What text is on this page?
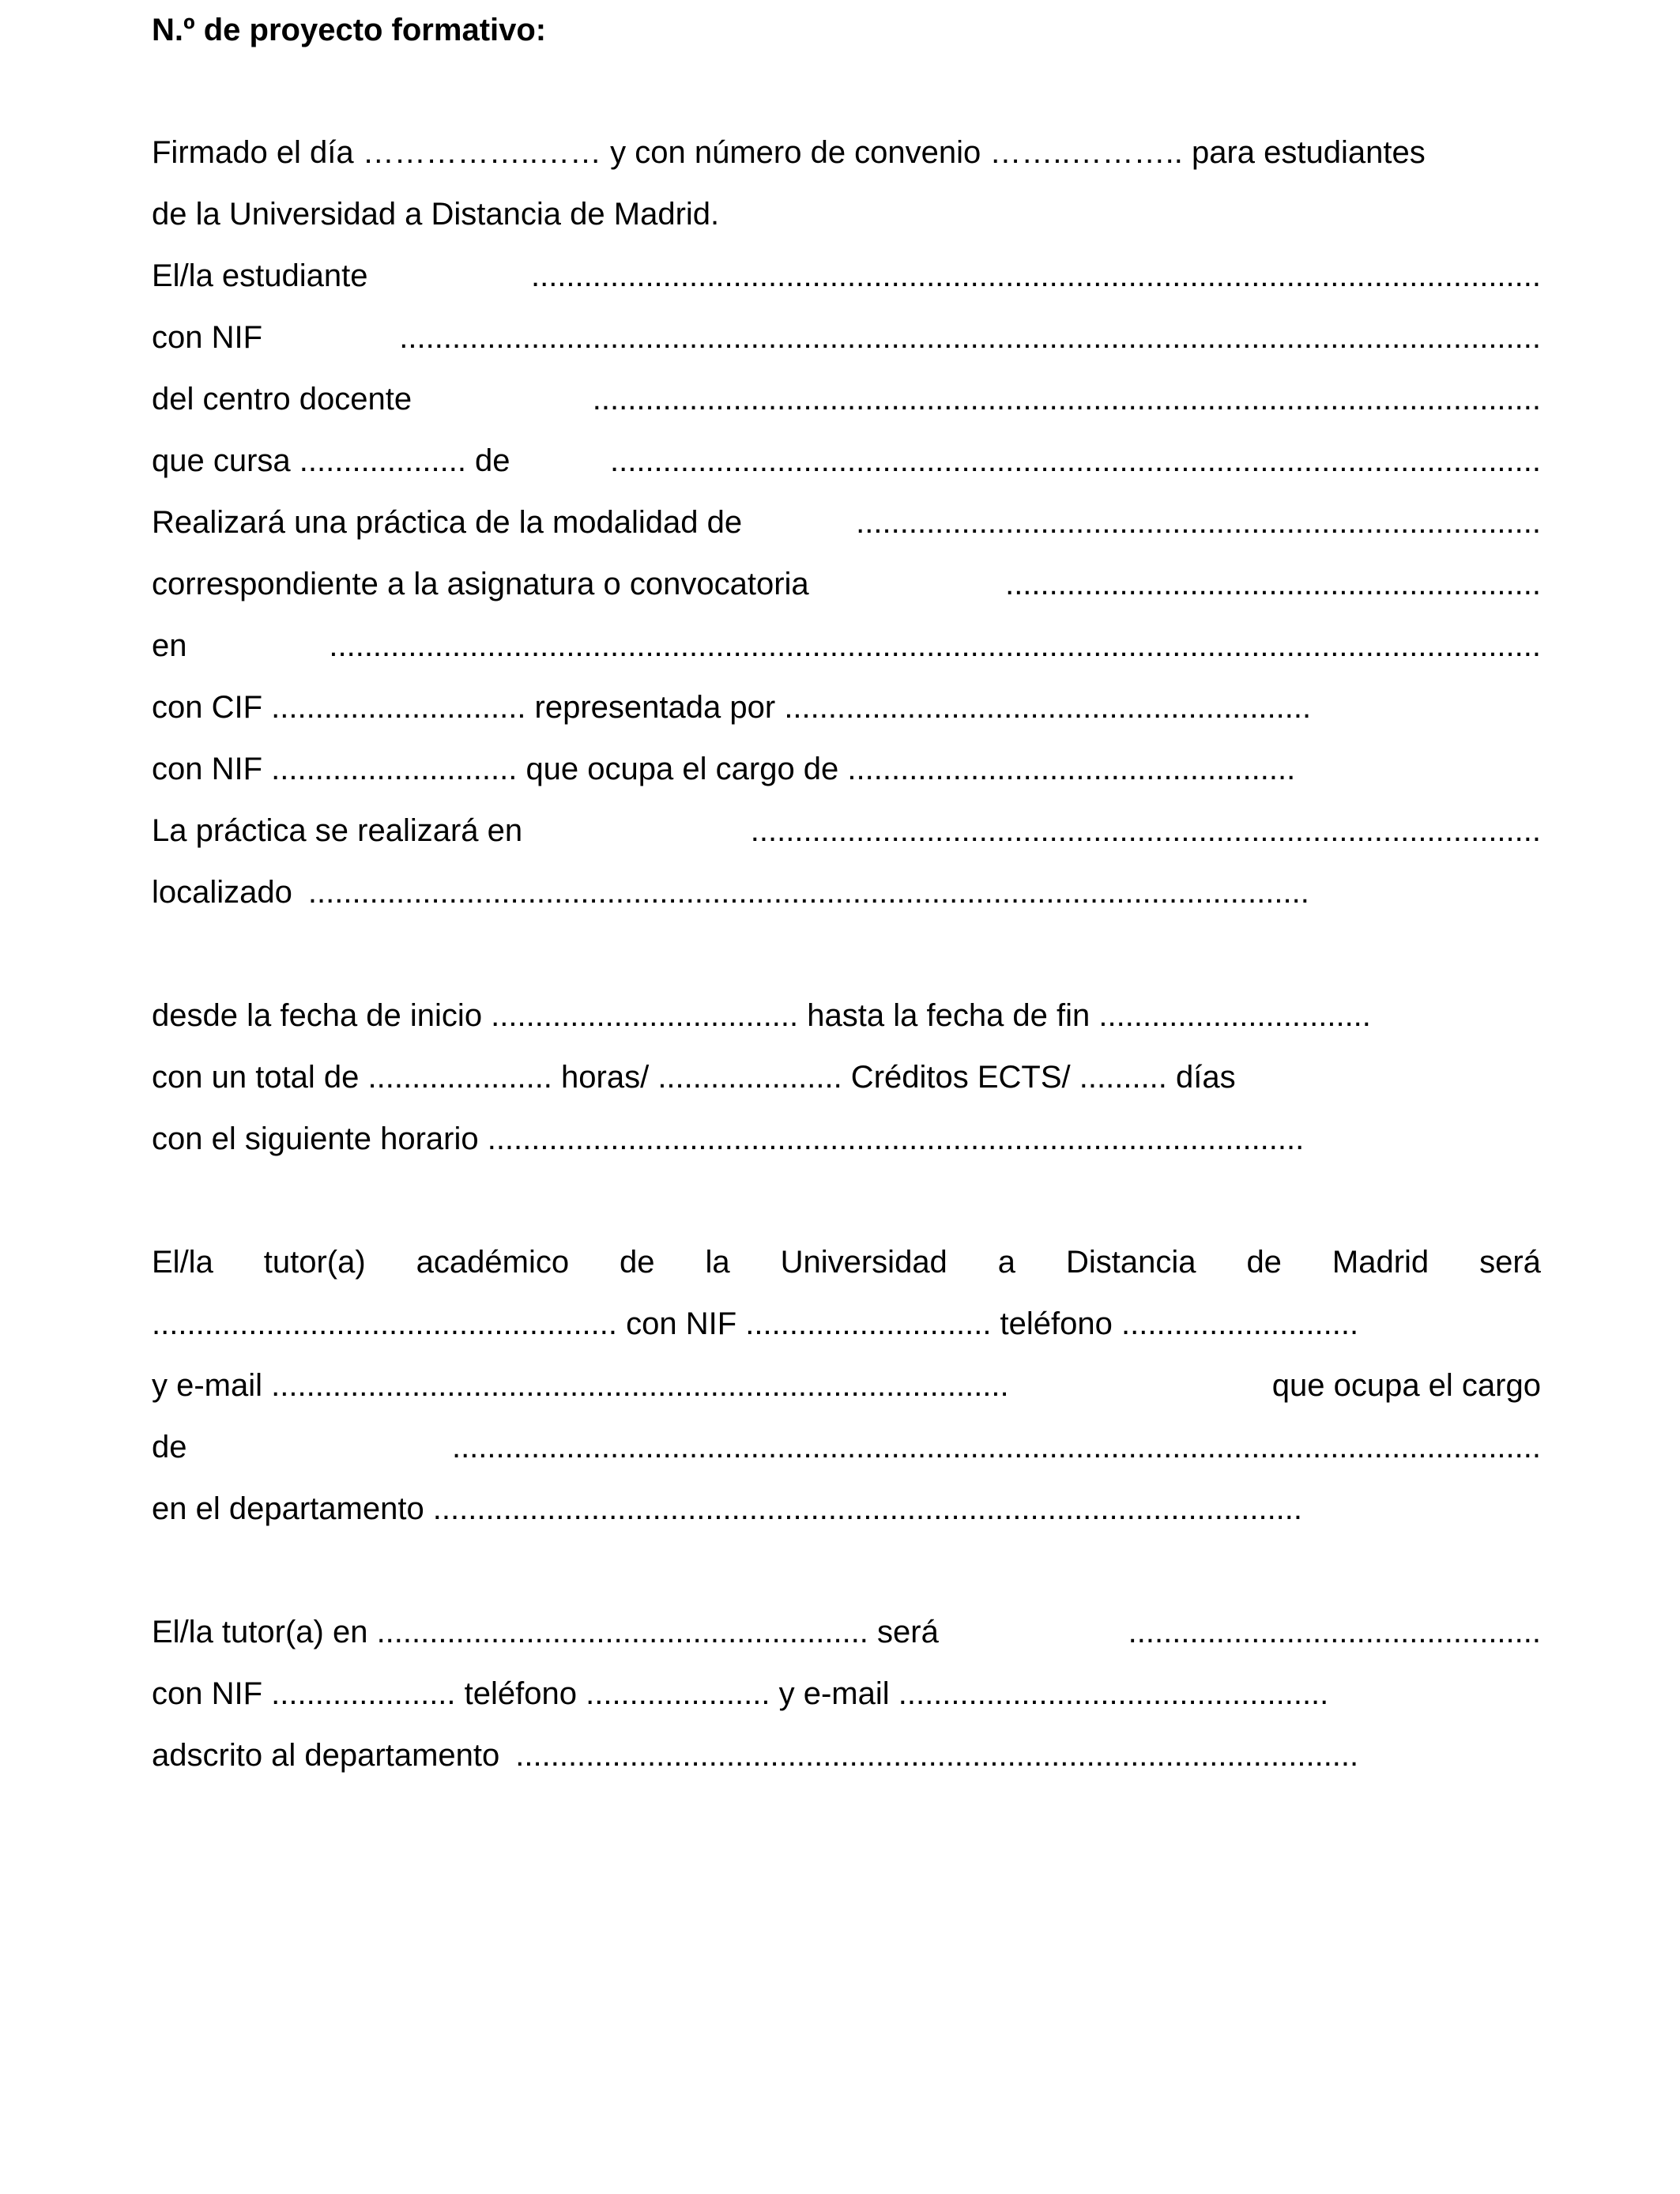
N.º de proyecto formativo:
Firmado el día ……………..…… y con número de convenio ……..……….. para estudiantes
de la Universidad a Distancia de Madrid.
El/la estudiante	...................................................................................................................
con NIF	..................................................................................................................................
del centro docente	............................................................................................................
que cursa ................... de	..........................................................................................................
Realizará una práctica de la modalidad de	..............................................................................
correspondiente a la asignatura o convocatoria	.............................................................
en	..........................................................................................................................................
con CIF ............................. representada por ............................................................
con NIF ............................ que ocupa el cargo de ...................................................
La práctica se realizará en	..........................................................................................
localizado ..................................................................................................................
desde la fecha de inicio ................................... hasta la fecha de fin ...............................
con un total de ..................... horas/ ..................... Créditos ECTS/ .......... días
con el siguiente horario .............................................................................................
El/la tutor(a) académico de la Universidad a Distancia de Madrid será
..................................................... con NIF ............................ teléfono ...........................
y e-mail ....................................................................................	que ocupa el cargo
de	............................................................................................................................
en el departamento ...................................................................................................
El/la tutor(a) en ........................................................ será	...............................................
con NIF ..................... teléfono ..................... y e-mail .................................................
adscrito al departamento ................................................................................................
